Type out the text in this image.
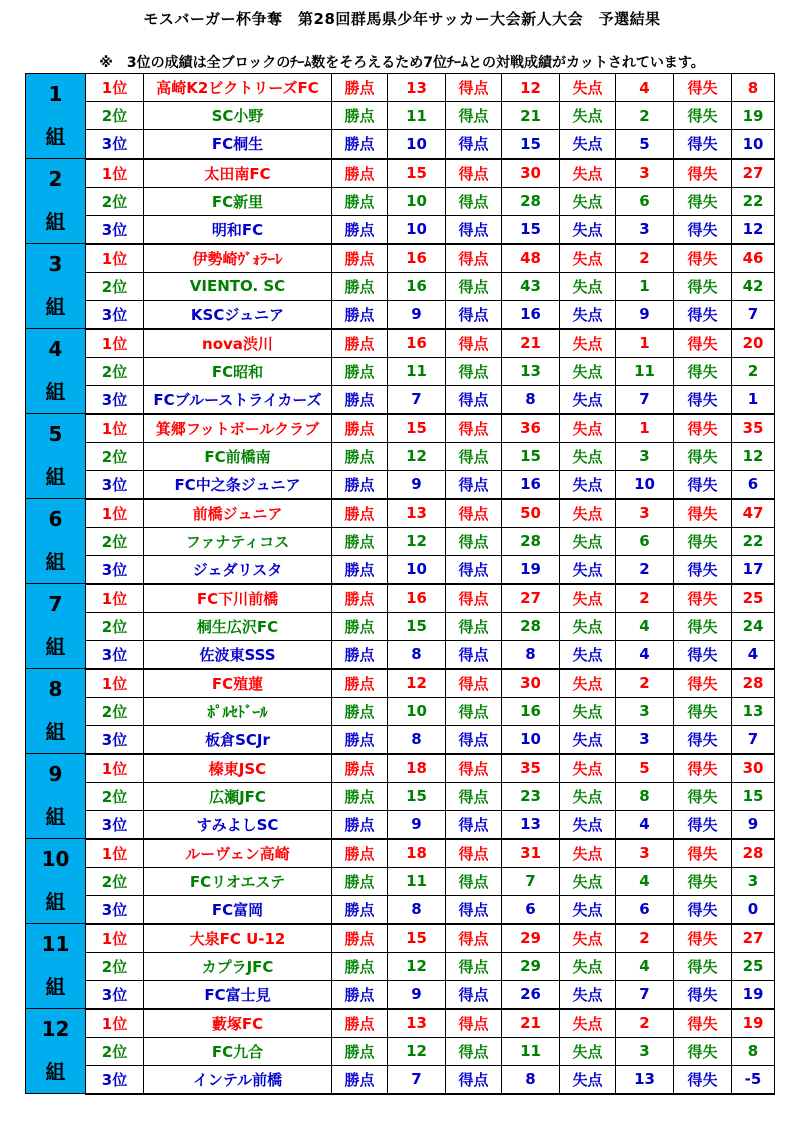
モスバーガー杯争奪　第28回群馬県少年サッカー大会新人大会　予選結果
※　3位の成績は全ブロックのﾁｰﾑ数をそろえるため7位ﾁｰﾑとの対戦成績がカットされています。
1
組	1位	高崎K2ビクトリーズFC	勝点	13	得点	12	失点	4	得失	8
	2位	SC小野	勝点	11	得点	21	失点	2	得失	19
	3位	FC桐生	勝点	10	得点	15	失点	5	得失	10

2
組	1位	太田南FC	勝点	15	得点	30	失点	3	得失	27
	2位	FC新里	勝点	10	得点	28	失点	6	得失	22
	3位	明和FC	勝点	10	得点	15	失点	3	得失	12

3
組	1位	伊勢崎ｳﾞｫﾗｰﾚ	勝点	16	得点	48	失点	2	得失	46
	2位	VIENTO. SC	勝点	16	得点	43	失点	1	得失	42
	3位	KSCジュニア	勝点	9	得点	16	失点	9	得失	7

4
組	1位	nova渋川	勝点	16	得点	21	失点	1	得失	20
	2位	FC昭和	勝点	11	得点	13	失点	11	得失	2
	3位	FCブルーストライカーズ	勝点	7	得点	8	失点	7	得失	1

5
組	1位	箕郷フットボールクラブ	勝点	15	得点	36	失点	1	得失	35
	2位	FC前橋南	勝点	12	得点	15	失点	3	得失	12
	3位	FC中之条ジュニア	勝点	9	得点	16	失点	10	得失	6

6
組	1位	前橋ジュニア	勝点	13	得点	50	失点	3	得失	47
	2位	ファナティコス	勝点	12	得点	28	失点	6	得失	22
	3位	ジェダリスタ	勝点	10	得点	19	失点	2	得失	17

7
組	1位	FC下川前橋	勝点	16	得点	27	失点	2	得失	25
	2位	桐生広沢FC	勝点	15	得点	28	失点	4	得失	24
	3位	佐波東SSS	勝点	8	得点	8	失点	4	得失	4

8
組	1位	FC殖蓮	勝点	12	得点	30	失点	2	得失	28
	2位	ﾎﾟﾙｾﾄﾞｰﾙ	勝点	10	得点	16	失点	3	得失	13
	3位	板倉SCJr	勝点	8	得点	10	失点	3	得失	7

9
組	1位	榛東JSC	勝点	18	得点	35	失点	5	得失	30
	2位	広瀬JFC	勝点	15	得点	23	失点	8	得失	15
	3位	すみよしSC	勝点	9	得点	13	失点	4	得失	9

10
組	1位	ルーヴェン高崎	勝点	18	得点	31	失点	3	得失	28
	2位	FCリオエステ	勝点	11	得点	7	失点	4	得失	3
	3位	FC富岡	勝点	8	得点	6	失点	6	得失	0

11
組	1位	大泉FC U-12	勝点	15	得点	29	失点	2	得失	27
	2位	カプラJFC	勝点	12	得点	29	失点	4	得失	25
	3位	FC富士見	勝点	9	得点	26	失点	7	得失	19

12
組	1位	藪塚FC	勝点	13	得点	21	失点	2	得失	19
	2位	FC九合	勝点	12	得点	11	失点	3	得失	8
	3位	インテル前橋	勝点	7	得点	8	失点	13	得失	-5
